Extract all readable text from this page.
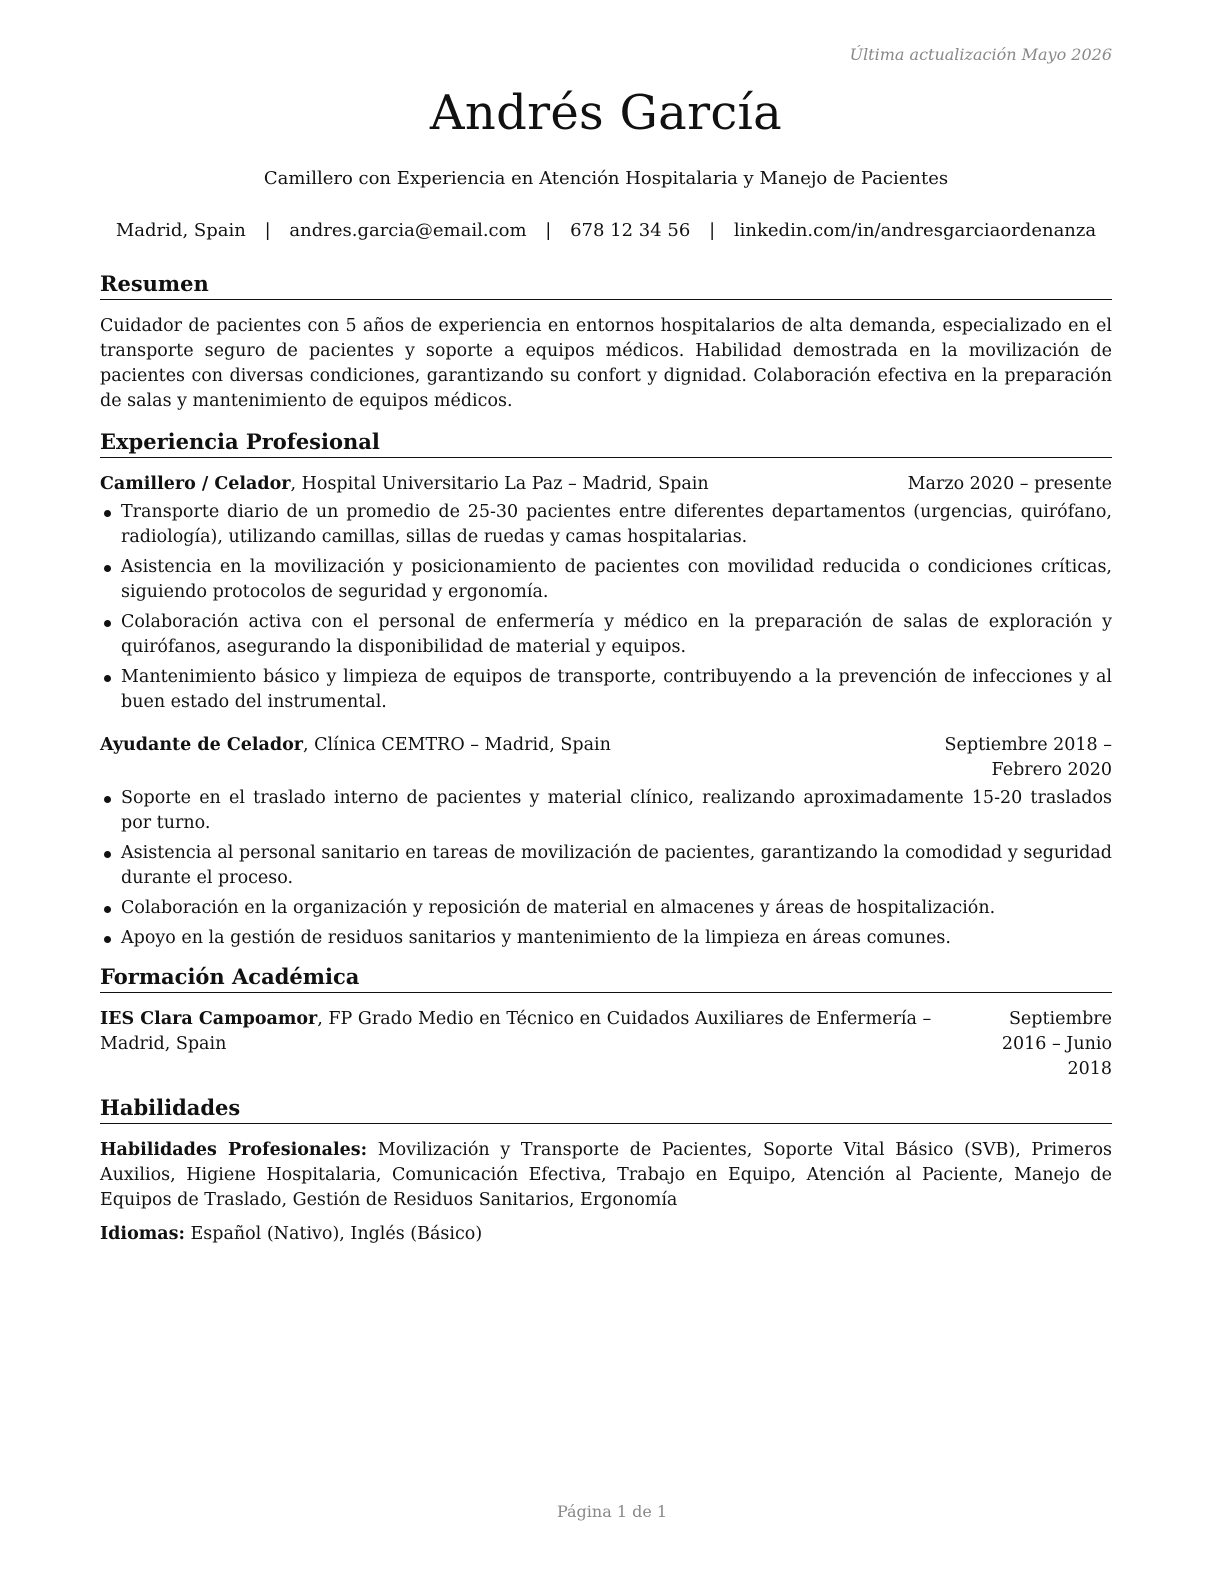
Última actualización Mayo 2026
Andrés García
Camillero con Experiencia en Atención Hospitalaria y Manejo de Pacientes
Madrid, Spain | andres.garcia@email.com | 678 12 34 56 | linkedin.com/in/andresgarciaordenanza
Resumen

Cuidador de pacientes con 5 años de experiencia en entornos hospitalarios de alta demanda, especializado en el transporte seguro de pacientes y soporte a equipos médicos. Habilidad demostrada en la movilización de pacientes con diversas condiciones, garantizando su confort y dignidad. Colaboración efectiva en la preparación de salas y mantenimiento de equipos médicos.

Experiencia Profesional
Camillero / Celador, Hospital Universitario La Paz – Madrid, Spain	Marzo 2020 – presente
Transporte diario de un promedio de 25-30 pacientes entre diferentes departamentos (urgencias, quirófano, radiología), utilizando camillas, sillas de ruedas y camas hospitalarias.
Asistencia en la movilización y posicionamiento de pacientes con movilidad reducida o condiciones críticas, siguiendo protocolos de seguridad y ergonomía.
Colaboración activa con el personal de enfermería y médico en la preparación de salas de exploración y quirófanos, asegurando la disponibilidad de material y equipos.
Mantenimiento básico y limpieza de equipos de transporte, contribuyendo a la prevención de infecciones y al buen estado del instrumental.
Ayudante de Celador, Clínica CEMTRO – Madrid, Spain	Septiembre 2018 – Febrero 2020
Soporte en el traslado interno de pacientes y material clínico, realizando aproximadamente 15-20 traslados por turno.
Asistencia al personal sanitario en tareas de movilización de pacientes, garantizando la comodidad y seguridad durante el proceso.
Colaboración en la organización y reposición de material en almacenes y áreas de hospitalización.
Apoyo en la gestión de residuos sanitarios y mantenimiento de la limpieza en áreas comunes.
Formación Académica
IES Clara Campoamor, FP Grado Medio en Técnico en Cuidados Auxiliares de Enfermería – Madrid, Spain
Septiembre 2016 – Junio 2018
Habilidades

Habilidades Profesionales: Movilización y Transporte de Pacientes, Soporte Vital Básico (SVB), Primeros Auxilios, Higiene Hospitalaria, Comunicación Efectiva, Trabajo en Equipo, Atención al Paciente, Manejo de Equipos de Traslado, Gestión de Residuos Sanitarios, Ergonomía

Idiomas: Español (Nativo), Inglés (Básico)

Página 1 de 1
